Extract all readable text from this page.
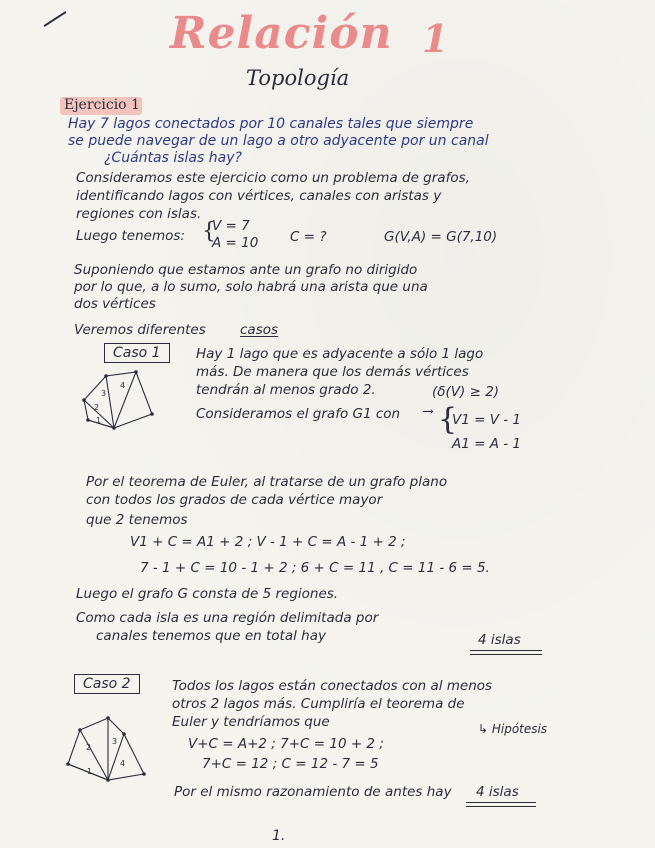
Relación 1
Topología
Ejercicio 1
Hay 7 lagos conectados por 10 canales tales que siempre
se puede navegar de un lago a otro adyacente por un canal
¿Cuántas islas hay?
Consideramos este ejercicio como un problema de grafos,
identificando lagos con vértices, canales con aristas y
regiones con islas.
Luego tenemos: {
V = 7
A = 10 C = ?	G(V,A) = G(7,10)
Suponiendo que estamos ante un grafo no dirigido
por lo que, a lo sumo, solo habrá una arista que una
dos vértices
Veremos diferentes	casos
Caso 1
1
2
3
4
Hay 1 lago que es adyacente a sólo 1 lago
más. De manera que los demás vértices
tendrán al menos grado 2.	(δ(V) ≥ 2)
Consideramos el grafo G1 con → {
V1 = V - 1
A1 = A - 1
Por el teorema de Euler, al tratarse de un grafo plano
con todos los grados de cada vértice mayor
que 2 tenemos
V1 + C = A1 + 2 ; V - 1 + C = A - 1 + 2 ;
7 - 1 + C = 10 - 1 + 2 ; 6 + C = 11 , C = 11 - 6 = 5.
Luego el grafo G consta de 5 regiones.
Como cada isla es una región delimitada por
canales tenemos que en total hay	4 islas
Caso 2
1
2
3
4
Todos los lagos están conectados con al menos
otros 2 lagos más. Cumpliría el teorema de
Euler y tendríamos que	↳ Hipótesis
V+C = A+2 ; 7+C = 10 + 2 ;
7+C = 12 ; C = 12 - 7 = 5
Por el mismo razonamiento de antes hay 4 islas
1.
